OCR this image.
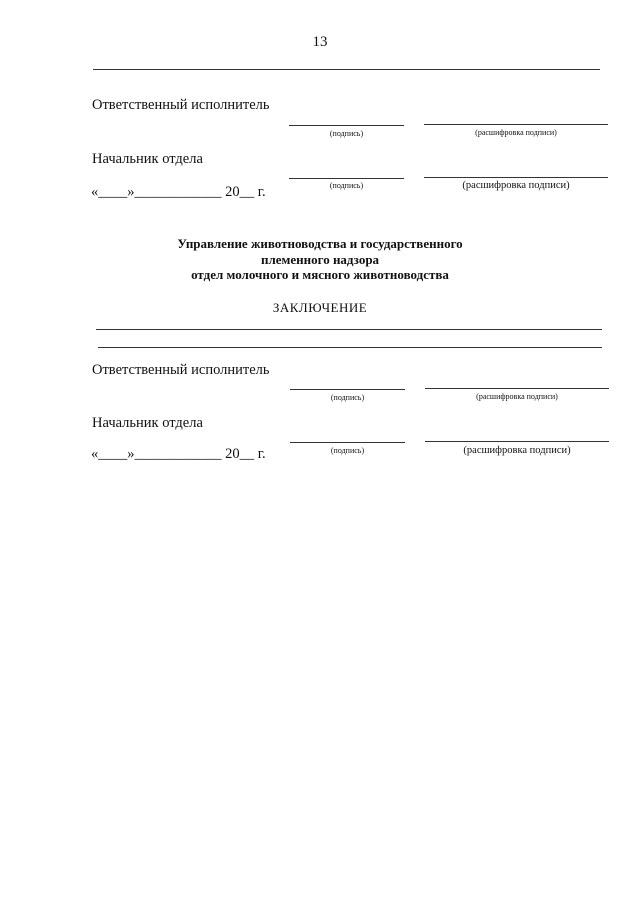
13
Ответственный исполнитель
(подпись)	(расшифровка подписи)
Начальник отдела
(подпись)	(расшифровка подписи)
«____»____________ 20__ г.
Управление животноводства и государственного
племенного надзора
отдел молочного и мясного животноводства
ЗАКЛЮЧЕНИЕ
Ответственный исполнитель
(подпись)	(расшифровка подписи)
Начальник отдела
(подпись)	(расшифровка подписи)
«____»____________ 20__ г.
